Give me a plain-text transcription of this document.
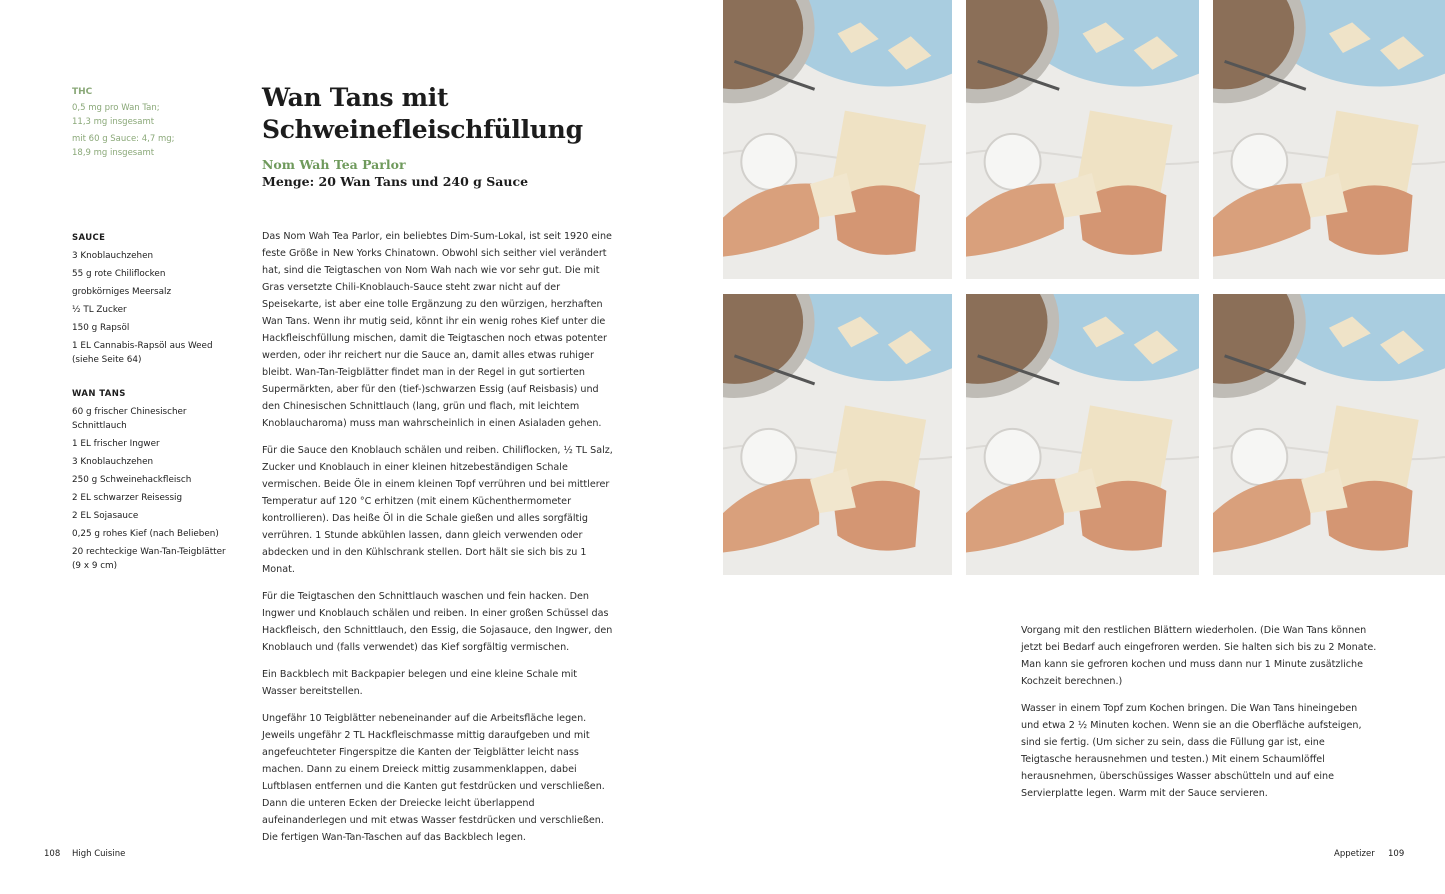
THC
0,5 mg pro Wan Tan;
11,3 mg insgesamt
mit 60 g Sauce: 4,7 mg;
18,9 mg insgesamt
Wan Tans mit
Schweinefleischfüllung
Nom Wah Tea Parlor
Menge: 20 Wan Tans und 240 g Sauce
SAUCE
3 Knoblauchzehen
55 g rote Chiliflocken
grobkörniges Meersalz
½ TL Zucker
150 g Rapsöl
1 EL Cannabis-Rapsöl aus Weed (siehe Seite 64)
WAN TANS
60 g frischer Chinesischer Schnittlauch
1 EL frischer Ingwer
3 Knoblauchzehen
250 g Schweinehackfleisch
2 EL schwarzer Reisessig
2 EL Sojasauce
0,25 g rohes Kief (nach Belieben)
20 rechteckige Wan-Tan-Teigblätter (9 x 9 cm)

Das Nom Wah Tea Parlor, ein beliebtes Dim-Sum-Lokal, ist seit 1920 eine feste Größe in New Yorks Chinatown. Obwohl sich seither viel verändert hat, sind die Teigtaschen von Nom Wah nach wie vor sehr gut. Die mit Gras versetzte Chili-Knoblauch-Sauce steht zwar nicht auf der Speisekarte, ist aber eine tolle Ergänzung zu den würzigen, herzhaften Wan Tans. Wenn ihr mutig seid, könnt ihr ein wenig rohes Kief unter die Hackfleischfüllung mischen, damit die Teigtaschen noch etwas potenter werden, oder ihr reichert nur die Sauce an, damit alles etwas ruhiger bleibt. Wan-Tan-Teigblätter findet man in der Regel in gut sortierten Supermärkten, aber für den (tief-)schwarzen Essig (auf Reisbasis) und den Chinesischen Schnittlauch (lang, grün und flach, mit leichtem Knoblaucharoma) muss man wahrscheinlich in einen Asialaden gehen.

Für die Sauce den Knoblauch schälen und reiben. Chiliflocken, ½ TL Salz, Zucker und Knoblauch in einer kleinen hitzebeständigen Schale vermischen. Beide Öle in einem kleinen Topf verrühren und bei mittlerer Temperatur auf 120 °C erhitzen (mit einem Küchenthermometer kontrollieren). Das heiße Öl in die Schale gießen und alles sorgfältig verrühren. 1 Stunde abkühlen lassen, dann gleich verwenden oder abdecken und in den Kühlschrank stellen. Dort hält sie sich bis zu 1 Monat.

Für die Teigtaschen den Schnittlauch waschen und fein hacken. Den Ingwer und Knoblauch schälen und reiben. In einer großen Schüssel das Hackfleisch, den Schnittlauch, den Essig, die Sojasauce, den Ingwer, den Knoblauch und (falls verwendet) das Kief sorgfältig vermischen.

Ein Backblech mit Backpapier belegen und eine kleine Schale mit Wasser bereitstellen.

Ungefähr 10 Teigblätter nebeneinander auf die Arbeitsfläche legen. Jeweils ungefähr 2 TL Hackfleischmasse mittig daraufgeben und mit angefeuchteter Fingerspitze die Kanten der Teigblätter leicht nass machen. Dann zu einem Dreieck mittig zusammenklappen, dabei Luftblasen entfernen und die Kanten gut festdrücken und verschließen. Dann die unteren Ecken der Dreiecke leicht überlappend aufeinanderlegen und mit etwas Wasser festdrücken und verschließen. Die fertigen Wan-Tan-Taschen auf das Backblech legen.

Vorgang mit den restlichen Blättern wiederholen. (Die Wan Tans können jetzt bei Bedarf auch eingefroren werden. Sie halten sich bis zu 2 Monate. Man kann sie gefroren kochen und muss dann nur 1 Minute zusätzliche Kochzeit berechnen.)

Wasser in einem Topf zum Kochen bringen. Die Wan Tans hineingeben und etwa 2 ½ Minuten kochen. Wenn sie an die Oberfläche aufsteigen, sind sie fertig. (Um sicher zu sein, dass die Füllung gar ist, eine Teigtasche herausnehmen und testen.) Mit einem Schaumlöffel herausnehmen, überschüssiges Wasser abschütteln und auf eine Servierplatte legen. Warm mit der Sauce servieren.

108 High Cuisine	Appetizer 109
